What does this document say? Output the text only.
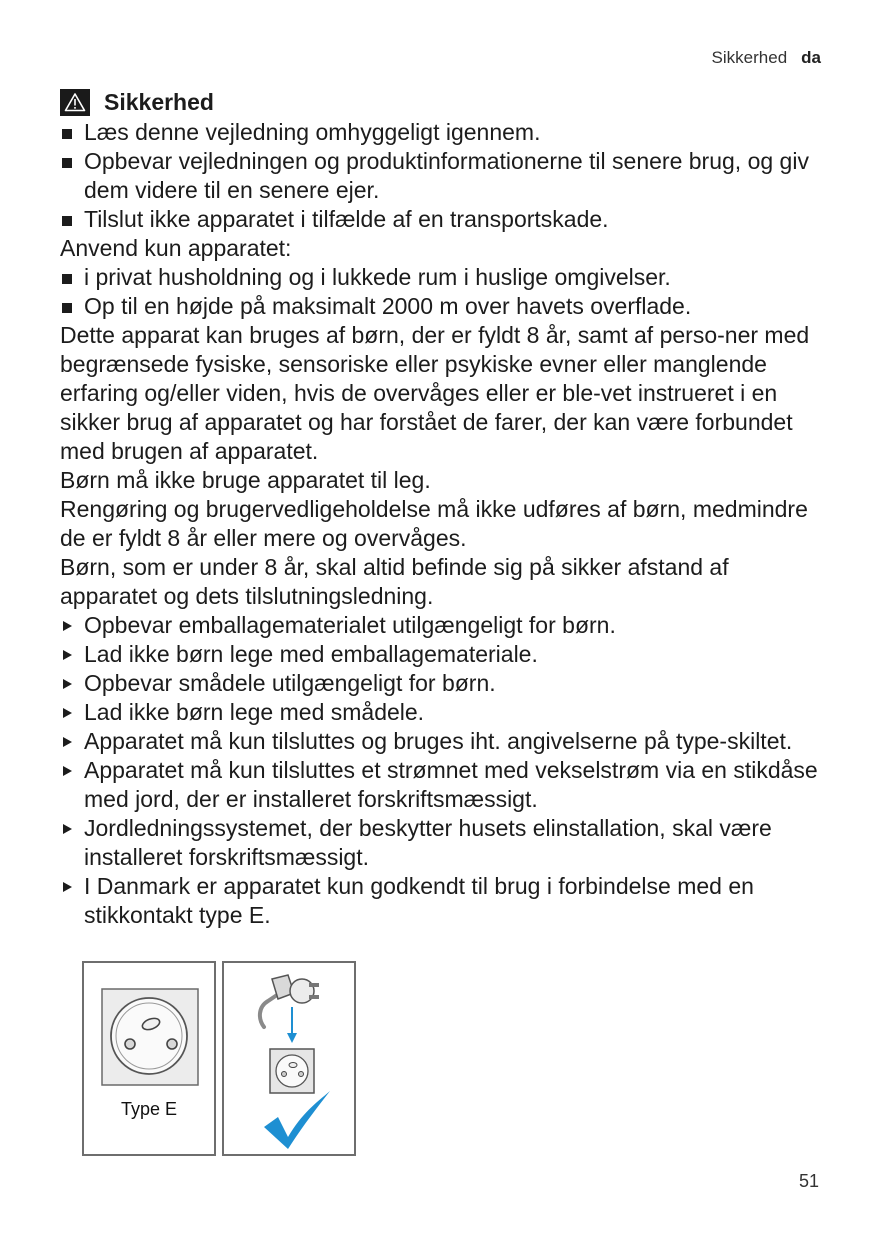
Sikkerhed da
Sikkerhed
Læs denne vejledning omhyggeligt igennem.
Opbevar vejledningen og produktinformationerne til senere brug, og giv dem videre til en senere ejer.
Tilslut ikke apparatet i tilfælde af en transportskade.

Anvend kun apparatet:

i privat husholdning og i lukkede rum i huslige omgivelser.
Op til en højde på maksimalt 2000 m over havets overflade.

Dette apparat kan bruges af børn, der er fyldt 8 år, samt af perso-ner med begrænsede fysiske, sensoriske eller psykiske evner eller manglende erfaring og/eller viden, hvis de overvåges eller er ble-vet instrueret i en sikker brug af apparatet og har forstået de farer, der kan være forbundet med brugen af apparatet.

Børn må ikke bruge apparatet til leg.

Rengøring og brugervedligeholdelse må ikke udføres af børn, medmindre de er fyldt 8 år eller mere og overvåges.

Børn, som er under 8 år, skal altid befinde sig på sikker afstand af apparatet og dets tilslutningsledning.

Opbevar emballagematerialet utilgængeligt for børn.
Lad ikke børn lege med emballagemateriale.
Opbevar smådele utilgængeligt for børn.
Lad ikke børn lege med smådele.
Apparatet må kun tilsluttes og bruges iht. angivelserne på type-skiltet.
Apparatet må kun tilsluttes et strømnet med vekselstrøm via en stikdåse med jord, der er installeret forskriftsmæssigt.
Jordledningssystemet, der beskytter husets elinstallation, skal være installeret forskriftsmæssigt.
I Danmark er apparatet kun godkendt til brug i forbindelse med en stikkontakt type E.
Type E
51
